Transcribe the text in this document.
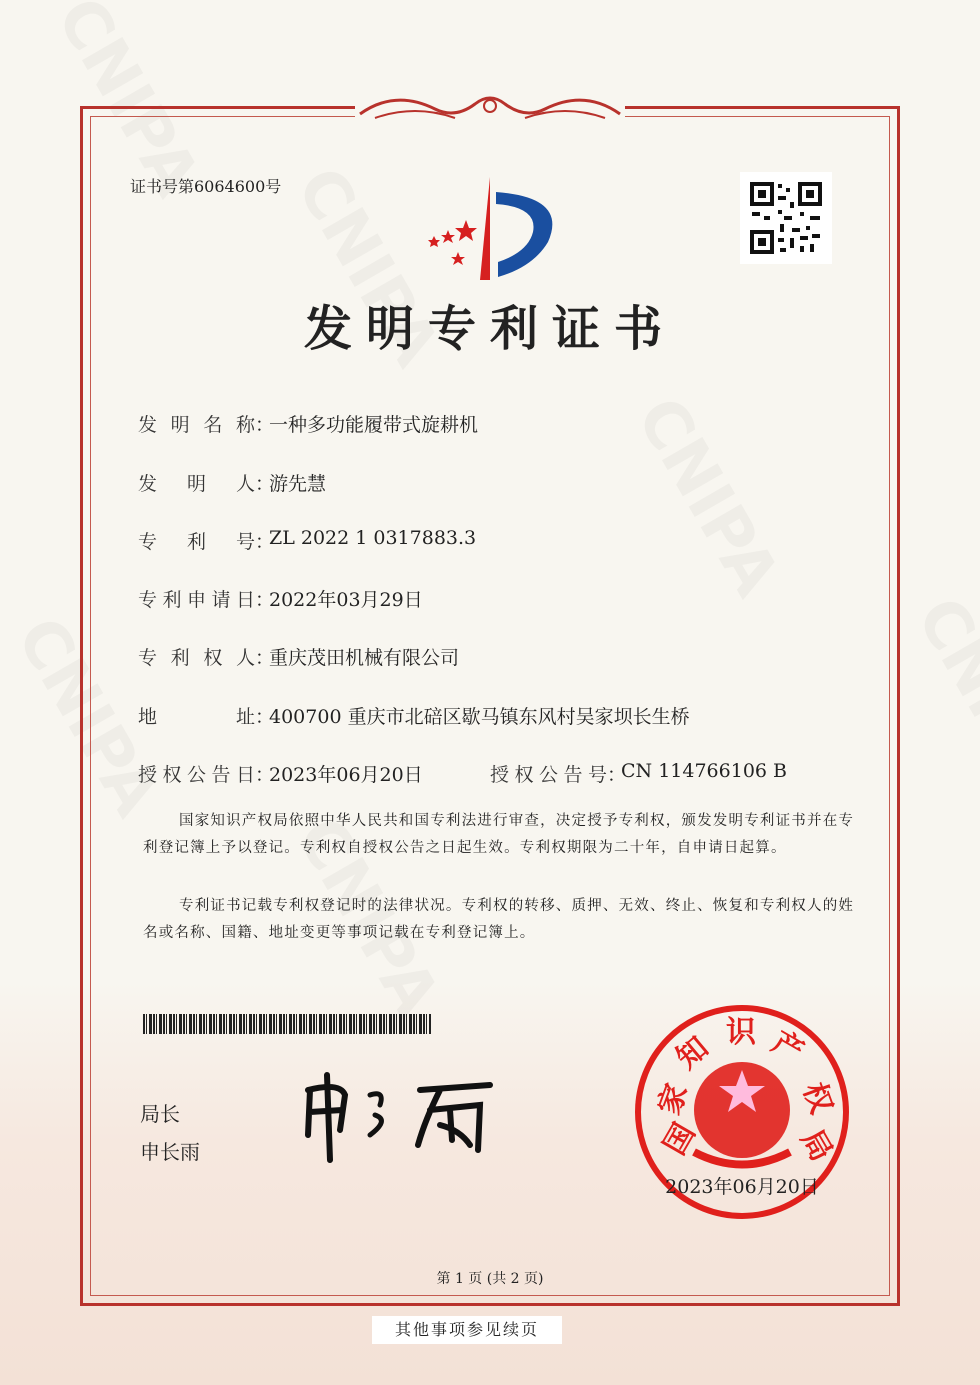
证书号第6064600号
发明专利证书
发明名称 ：
一种多功能履带式旋耕机
发明人 ：
游先慧
专利号 ：
ZL 2022 1 0317883.3
专利申请日 ：
2022年03月29日
专利权人 ：
重庆茂田机械有限公司
地址 ：
400700 重庆市北碚区歇马镇东风村吴家坝长生桥
授权公告日 ：
2023年06月20日	授权公告号 ：
CN 114766106 B
国家知识产权局依照中华人民共和国专利法进行审查，决定授予专利权，颁发发明专利证书并在专利登记簿上予以登记。专利权自授权公告之日起生效。专利权期限为二十年，自申请日起算。
专利证书记载专利权登记时的法律状况。专利权的转移、质押、无效、终止、恢复和专利权人的姓名或名称、国籍、地址变更等事项记载在专利登记簿上。
局长
申长雨	国
家
知 识 产
权
局
2023年06月20日
第 1 页 (共 2 页)
其他事项参见续页
